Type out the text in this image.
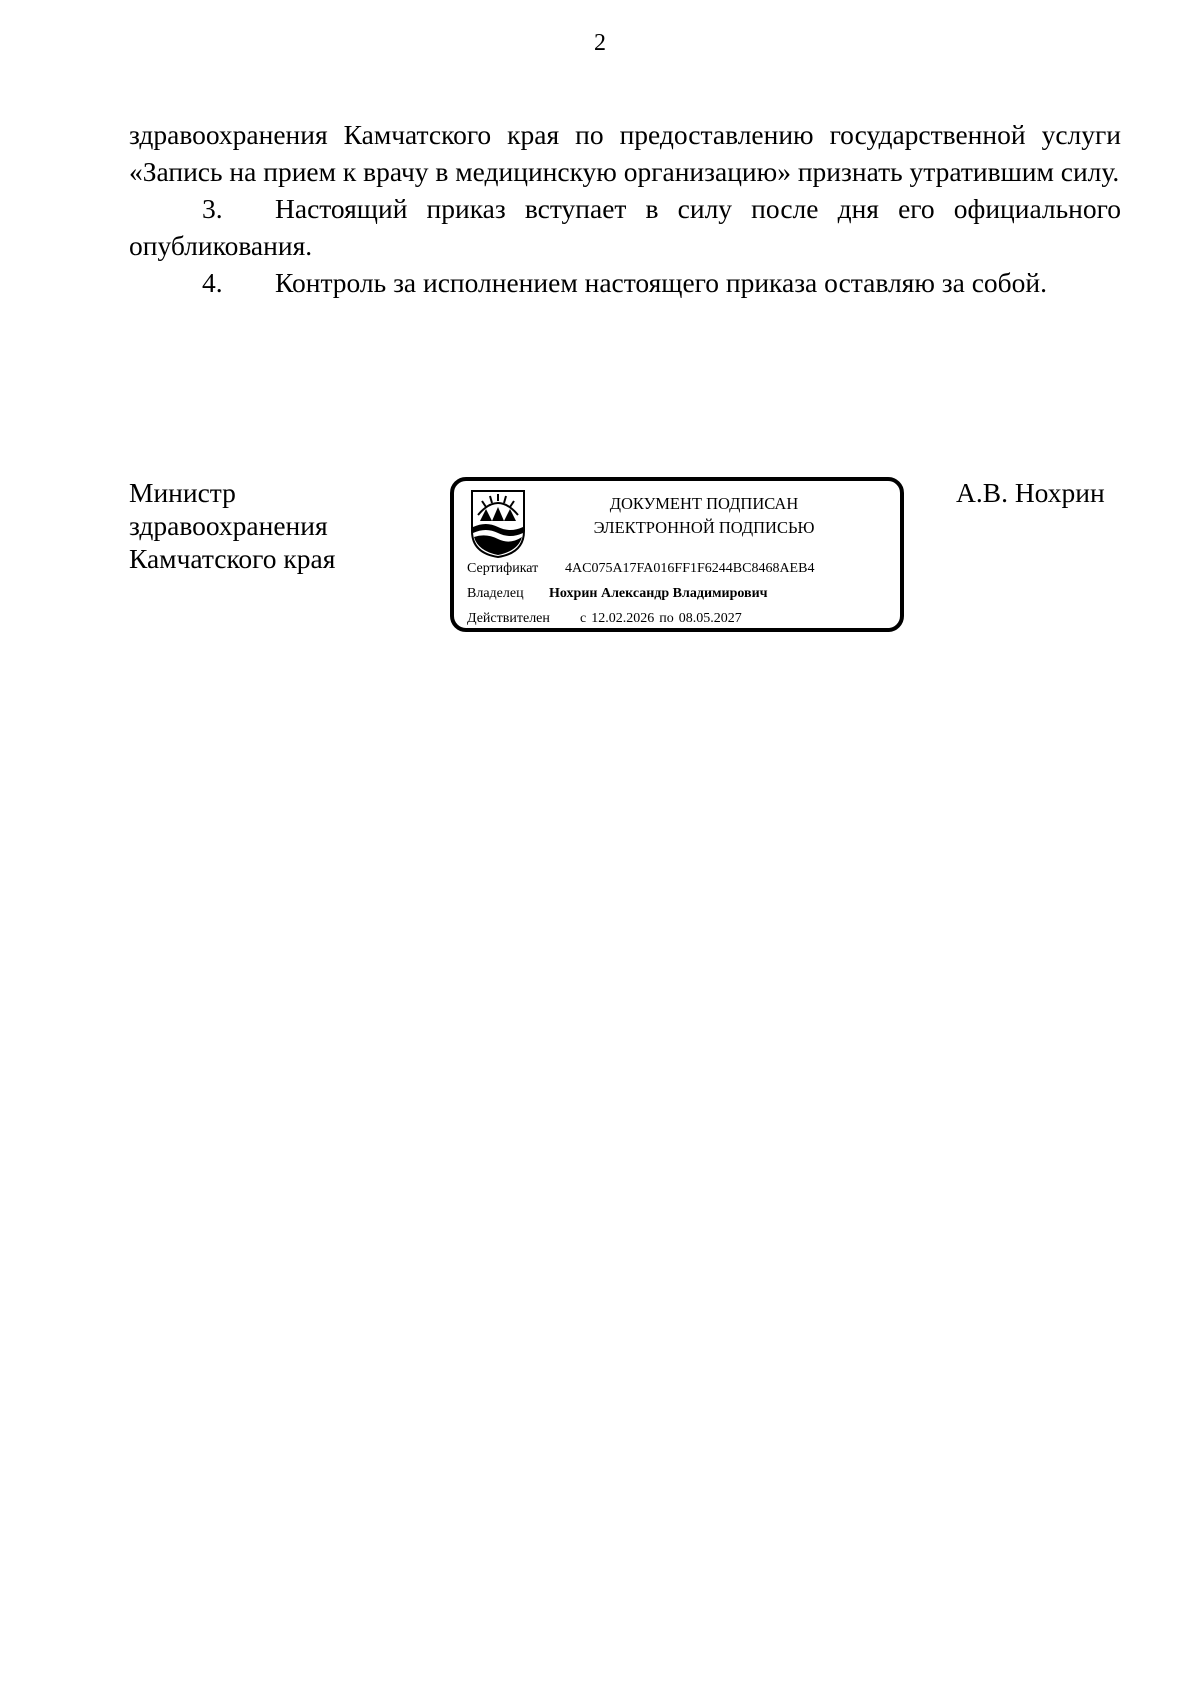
2

здравоохранения Камчатского края по предоставлению государственной услуги «Запись на прием к врачу в медицинскую организацию» признать утратившим силу.

3. Настоящий приказ вступает в силу после дня его официального опубликования.

4. Контроль за исполнением настоящего приказа оставляю за собой.

Министр
здравоохранения
Камчатского края
ДОКУМЕНТ ПОДПИСАН
ЭЛЕКТРОННОЙ ПОДПИСЬЮ
Сертификат 4AC075A17FA016FF1F6244BC8468AEB4
Владелец Нохрин Александр Владимирович
Действителен с 12.02.2026 по 08.05.2027
А.В. Нохрин
